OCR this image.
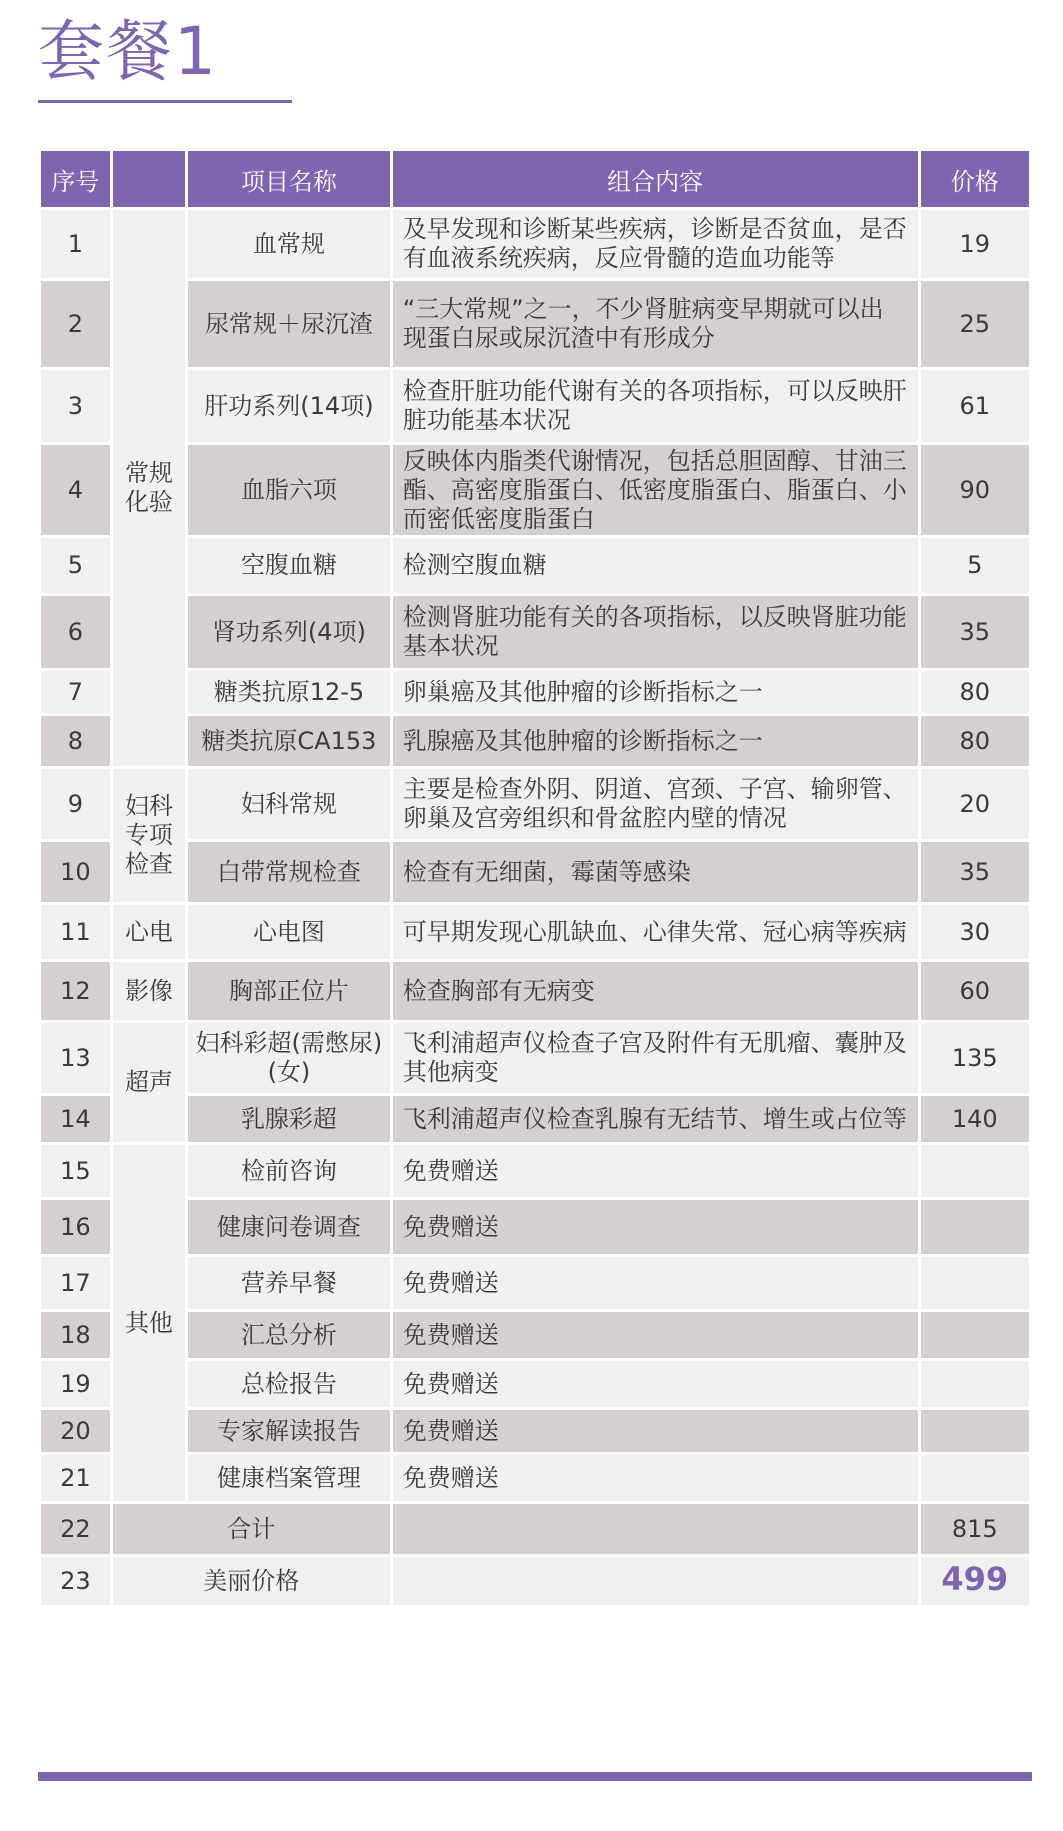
套餐1
序号		项目名称	组合内容	价格
1	常规化验	血常规	及早发现和诊断某些疾病，诊断是否贫血，是否有血液系统疾病，反应骨髓的造血功能等	19
2		尿常规＋尿沉渣	“三大常规”之一，不少肾脏病变早期就可以出现蛋白尿或尿沉渣中有形成分	25
3		肝功系列(14项)	检查肝脏功能代谢有关的各项指标，可以反映肝脏功能基本状况	61
4		血脂六项	反映体内脂类代谢情况，包括总胆固醇、甘油三酯、高密度脂蛋白、低密度脂蛋白、脂蛋白、小而密低密度脂蛋白	90
5		空腹血糖	检测空腹血糖	5
6		肾功系列(4项)	检测肾脏功能有关的各项指标，以反映肾脏功能基本状况	35
7		糖类抗原12-5	卵巢癌及其他肿瘤的诊断指标之一	80
8		糖类抗原CA153	乳腺癌及其他肿瘤的诊断指标之一	80
9	妇科专项检查	妇科常规	主要是检查外阴、阴道、宫颈、子宫、输卵管、卵巢及宫旁组织和骨盆腔内壁的情况	20
10		白带常规检查	检查有无细菌，霉菌等感染	35
11	心电	心电图	可早期发现心肌缺血、心律失常、冠心病等疾病	30
12	影像	胸部正位片	检查胸部有无病变	60
13	超声	妇科彩超(需憋尿)(女)	飞利浦超声仪检查子宫及附件有无肌瘤、囊肿及其他病变	135
14		乳腺彩超	飞利浦超声仪检查乳腺有无结节、增生或占位等	140
15	其他	检前咨询	免费赠送	
16		健康问卷调查	免费赠送	
17		营养早餐	免费赠送	
18		汇总分析	免费赠送	
19		总检报告	免费赠送	
20		专家解读报告	免费赠送	
21		健康档案管理	免费赠送	
22	合计			815
23	美丽价格			499
